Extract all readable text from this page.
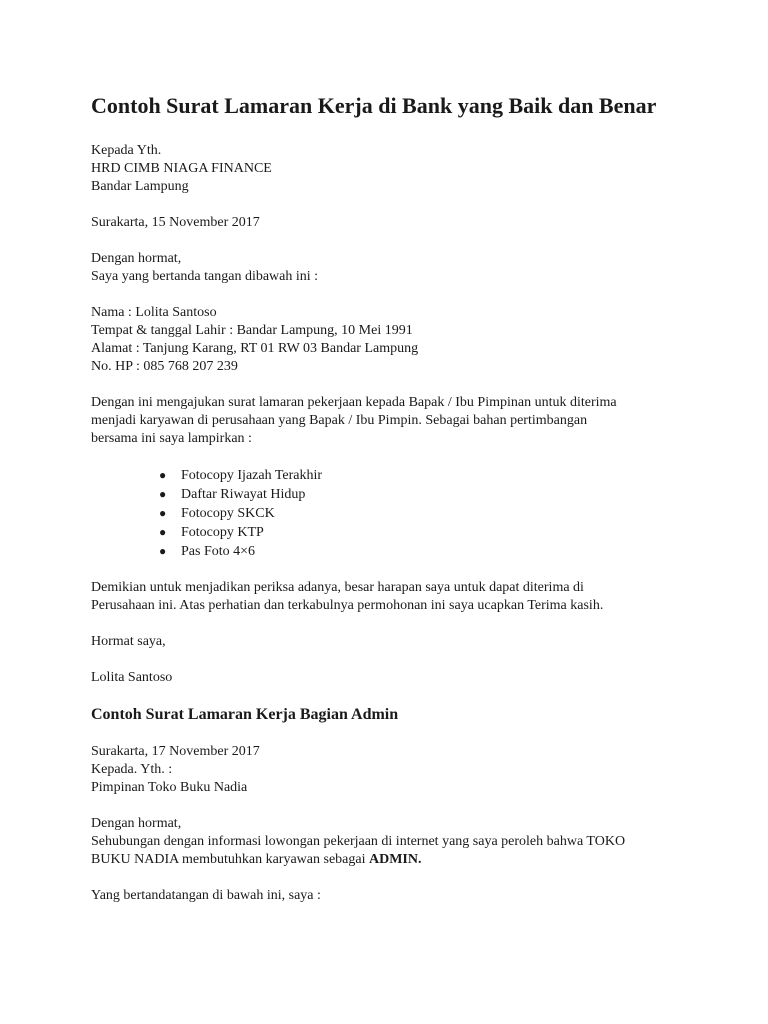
Contoh Surat Lamaran Kerja di Bank yang Baik dan Benar
Kepada Yth.
HRD CIMB NIAGA FINANCE
Bandar Lampung
Surakarta, 15 November 2017
Dengan hormat,
Saya yang bertanda tangan dibawah ini :
Nama : Lolita Santoso
Tempat & tanggal Lahir : Bandar Lampung, 10 Mei 1991
Alamat : Tanjung Karang, RT 01 RW 03 Bandar Lampung
No. HP : 085 768 207 239
Dengan ini mengajukan surat lamaran pekerjaan kepada Bapak / Ibu Pimpinan untuk diterima
menjadi karyawan di perusahaan yang Bapak / Ibu Pimpin. Sebagai bahan pertimbangan
bersama ini saya lampirkan :
● Fotocopy Ijazah Terakhir
● Daftar Riwayat Hidup
● Fotocopy SKCK
● Fotocopy KTP
● Pas Foto 4×6
Demikian untuk menjadikan periksa adanya, besar harapan saya untuk dapat diterima di
Perusahaan ini. Atas perhatian dan terkabulnya permohonan ini saya ucapkan Terima kasih.
Hormat saya,
Lolita Santoso
Contoh Surat Lamaran Kerja Bagian Admin
Surakarta, 17 November 2017
Kepada. Yth. :
Pimpinan Toko Buku Nadia
Dengan hormat,
Sehubungan dengan informasi lowongan pekerjaan di internet yang saya peroleh bahwa TOKO
BUKU NADIA membutuhkan karyawan sebagai ADMIN.
Yang bertandatangan di bawah ini, saya :
